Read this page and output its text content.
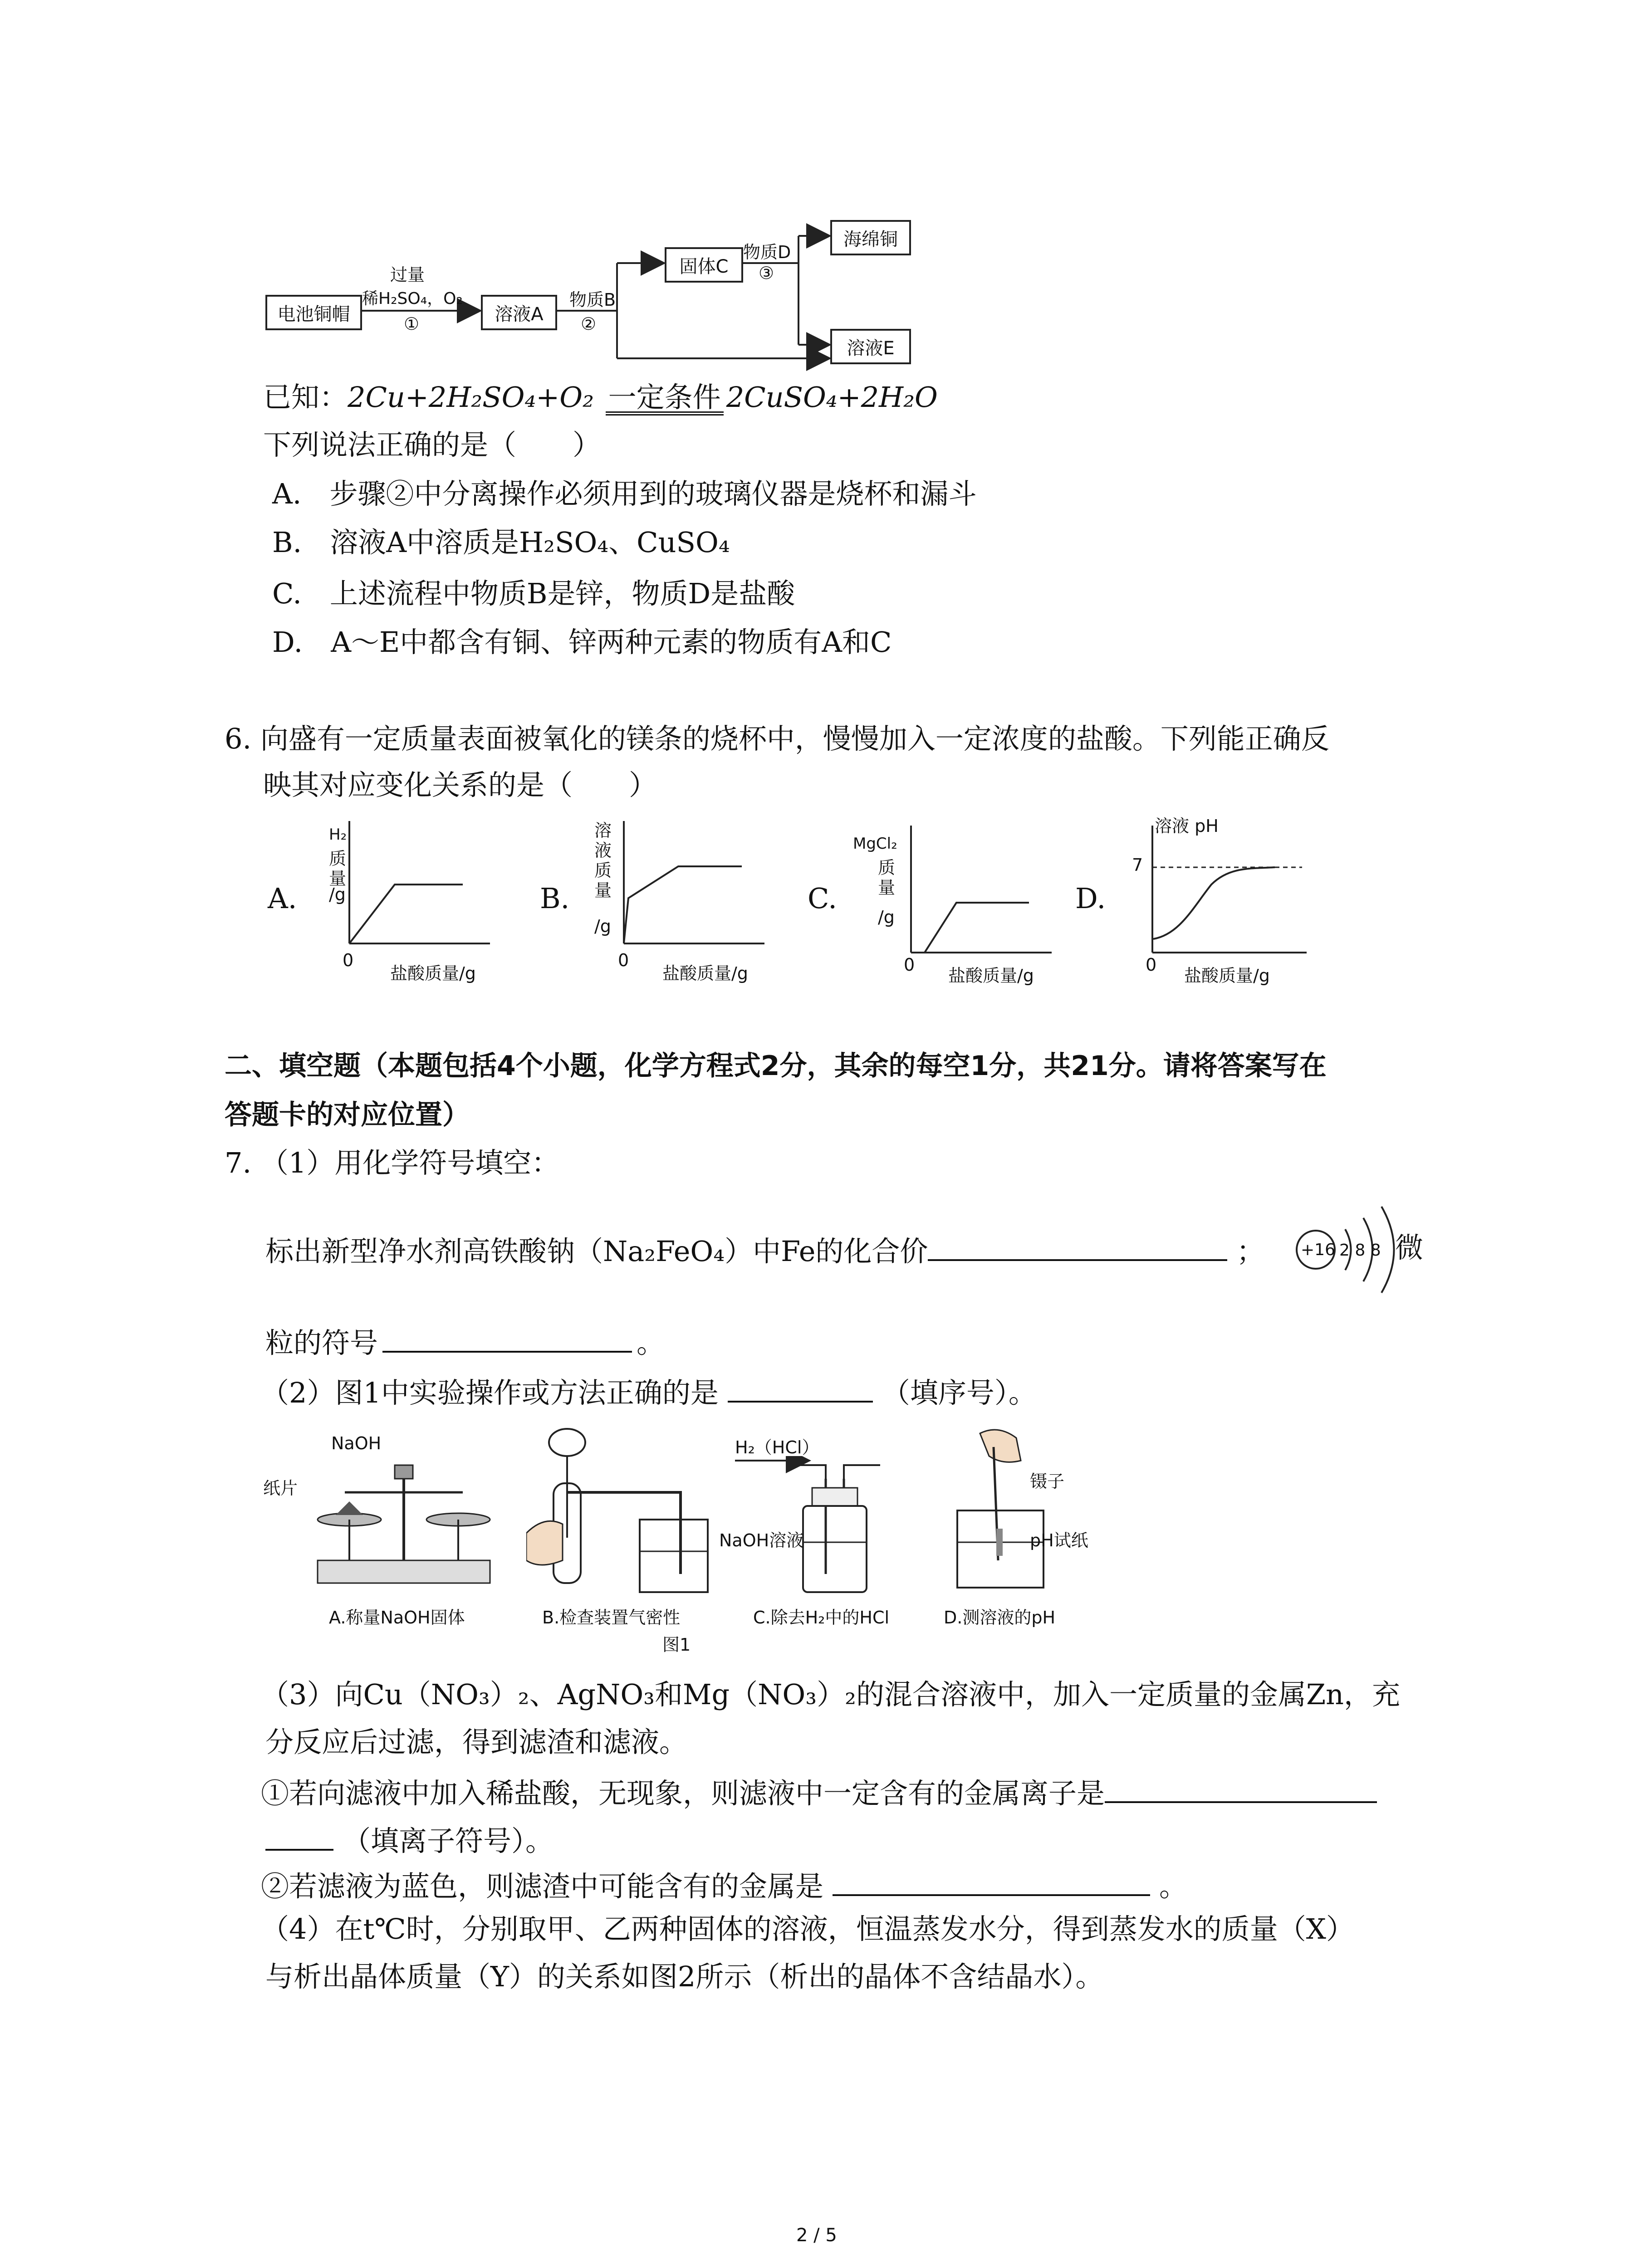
电池铜帽
过量
稀H₂SO₄，O₂
①	溶液A
物质B
②
固体C
物质D
③
海绵铜
溶液E
已知：2Cu+2H₂SO₄+O₂ 一定条件 2CuSO₄+2H₂O
下列说法正确的是（　　）
A.　步骤②中分离操作必须用到的玻璃仪器是烧杯和漏斗
B.　溶液A中溶质是H₂SO₄、CuSO₄
C.　上述流程中物质B是锌，物质D是盐酸
D.　A～E中都含有铜、锌两种元素的物质有A和C
6. 向盛有一定质量表面被氧化的镁条的烧杯中，慢慢加入一定浓度的盐酸。下列能正确反
映其对应变化关系的是（　　）
A.
H₂
质
量
/g
0
盐酸质量/g
B.
溶
液
质
量
/g
0
盐酸质量/g
C.
MgCl₂
质
量
/g
0
盐酸质量/g
D.
溶液 pH
7
0
盐酸质量/g
二、填空题（本题包括4个小题，化学方程式2分，其余的每空1分，共21分。请将答案写在
答题卡的对应位置）
7. （1）用化学符号填空：
标出新型净水剂高铁酸钠（Na₂FeO₄）中Fe的化合价	； +16 2 8 8 微
粒的符号	。
（2）图1中实验操作或方法正确的是	（填序号）。
NaOH
纸片
A.称量NaOH固体	B.检查装置气密性
H₂（HCl）
NaOH溶液
C.除去H₂中的HCl
镊子
pH试纸
D.测溶液的pH
图1
（3）向Cu（NO₃）₂、AgNO₃和Mg（NO₃）₂的混合溶液中，加入一定质量的金属Zn，充
分反应后过滤，得到滤渣和滤液。
①若向滤液中加入稀盐酸，无现象，则滤液中一定含有的金属离子是
（填离子符号）。
②若滤液为蓝色，则滤渣中可能含有的金属是	。
（4）在t℃时，分别取甲、乙两种固体的溶液，恒温蒸发水分，得到蒸发水的质量（X）
与析出晶体质量（Y）的关系如图2所示（析出的晶体不含结晶水）。
2 / 5
